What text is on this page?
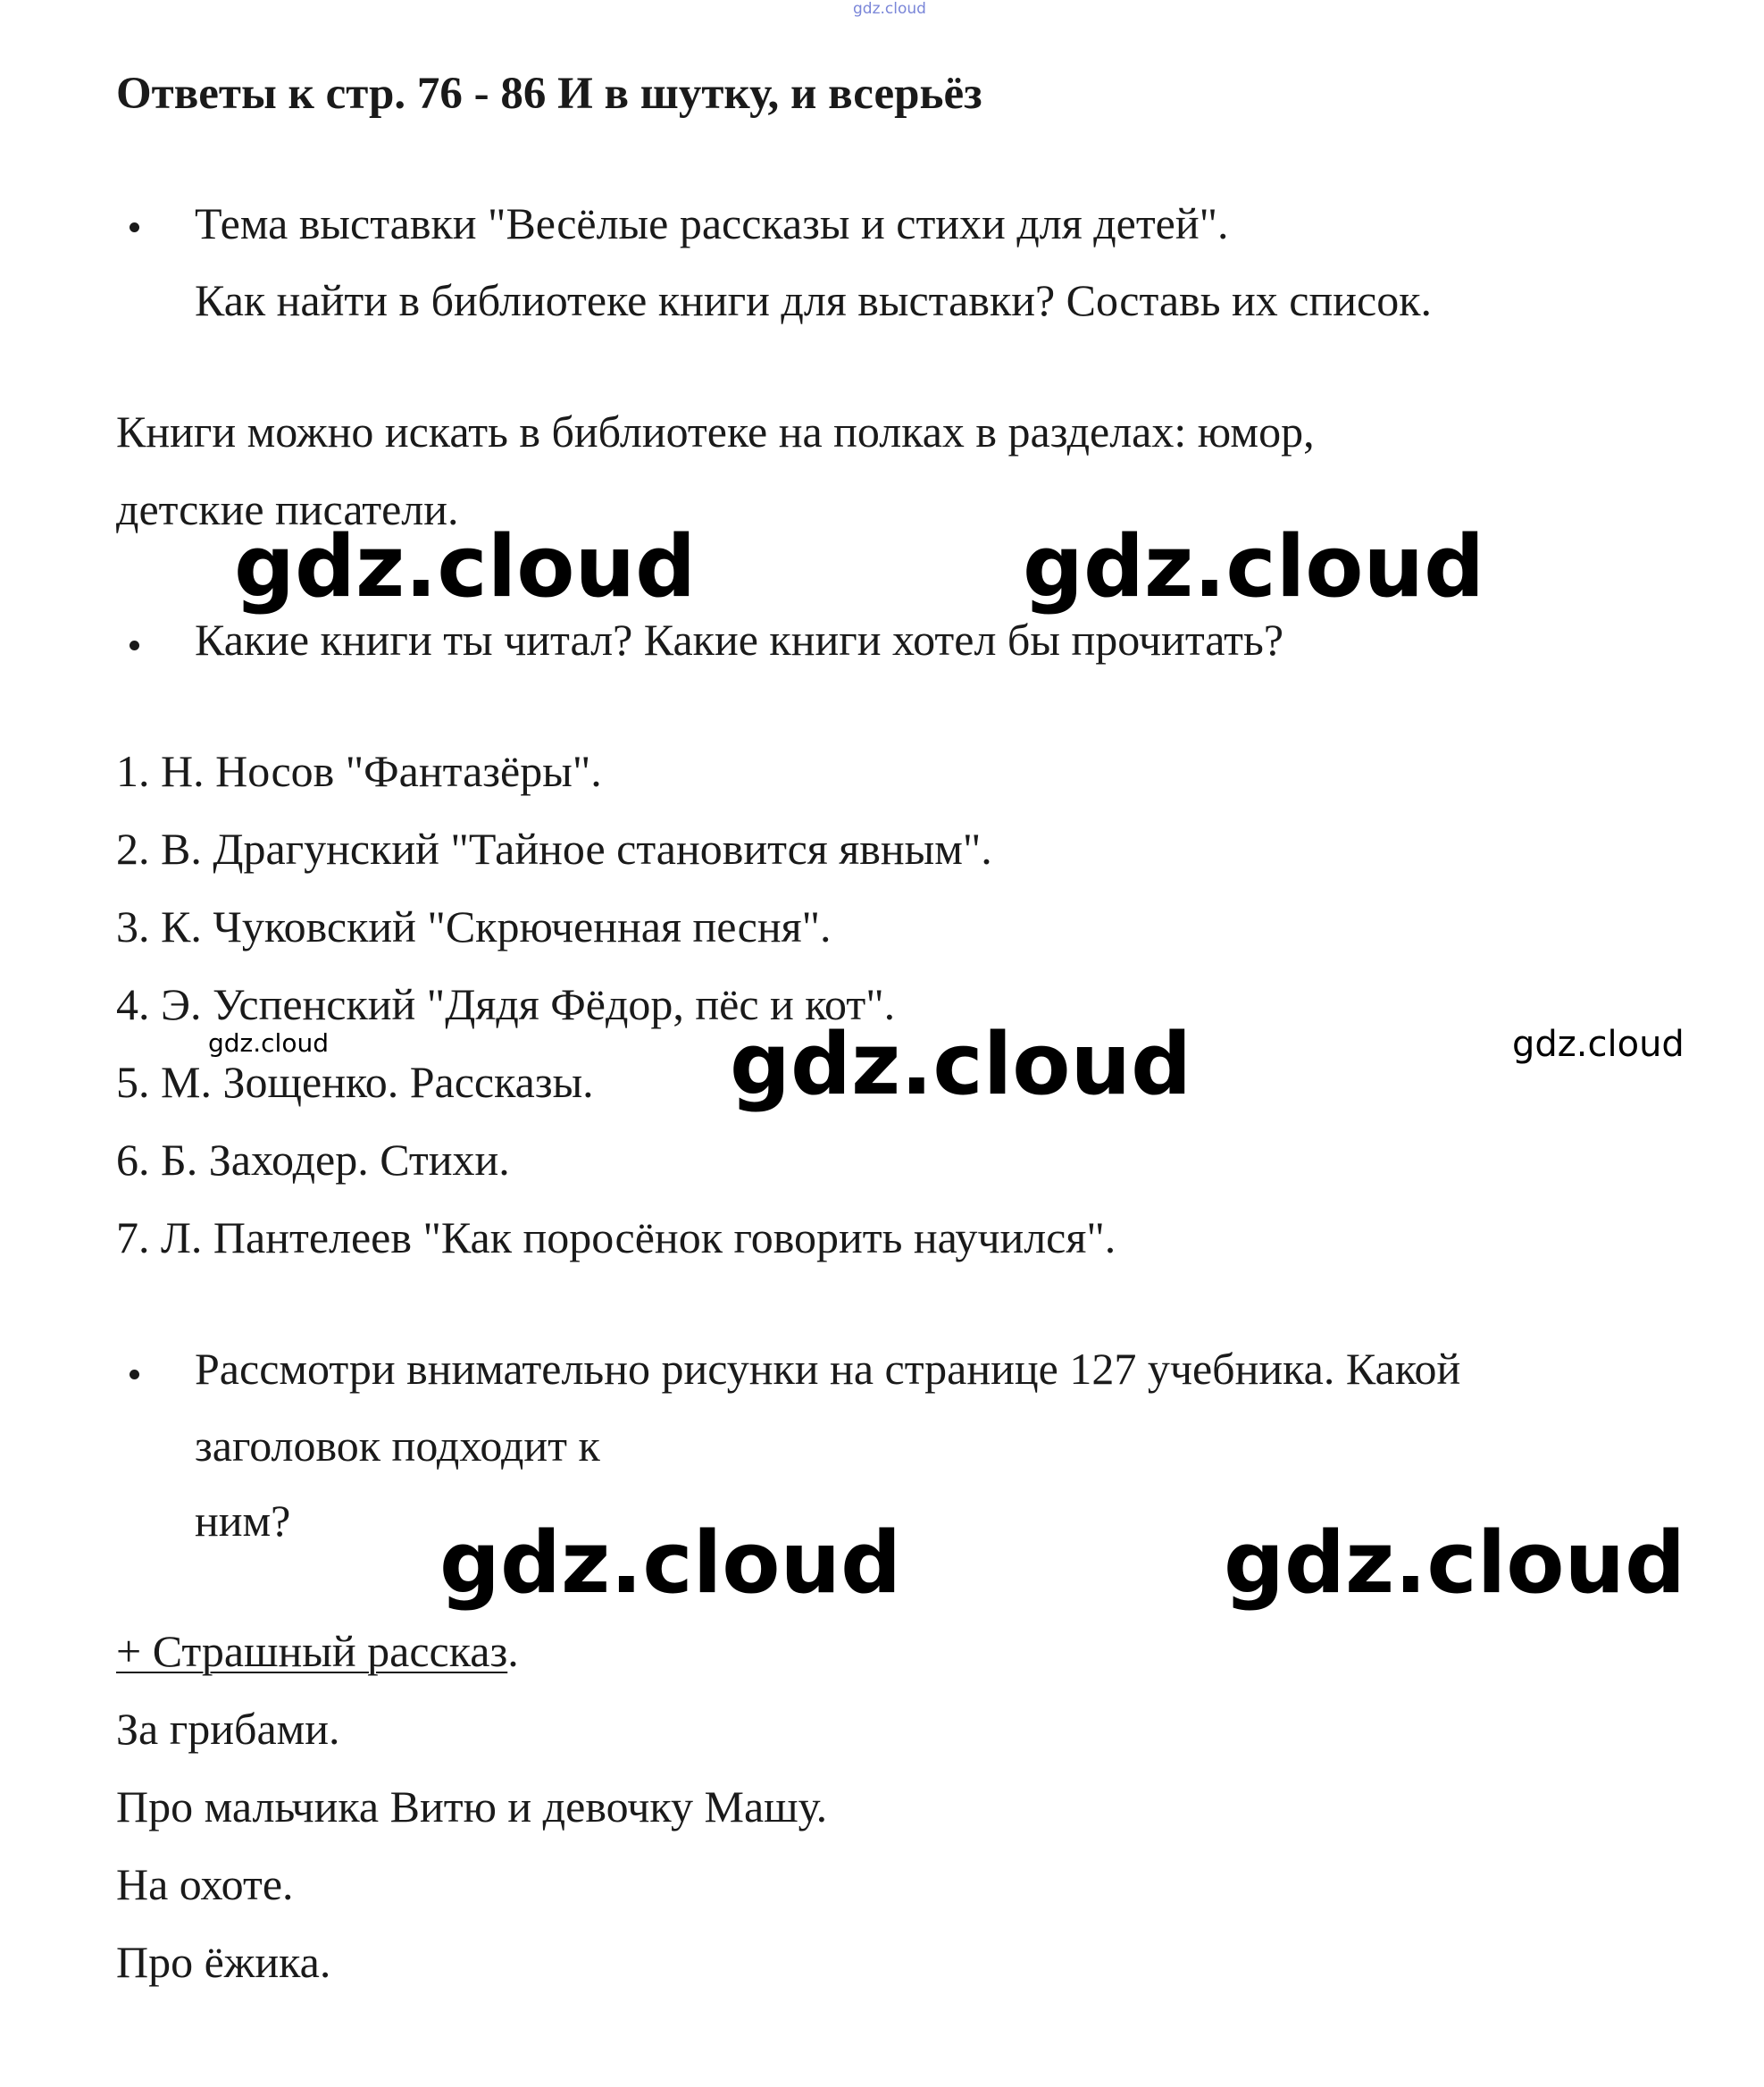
gdz.cloud
Ответы к стр. 76 - 86 И в шутку, и всерьёз
Тема выставки "Весёлые рассказы и стихи для детей".
Как найти в библиотеке книги для выставки? Составь их список.
Книги можно искать в библиотеке на полках в разделах: юмор,
детские писатели.
gdz.cloud	gdz.cloud
Какие книги ты читал? Какие книги хотел бы прочитать?
1. Н. Носов "Фантазёры".
2. В. Драгунский "Тайное становится явным".
3. К. Чуковский "Скрюченная песня".
4. Э. Успенский "Дядя Фёдор, пёс и кот".
5. М. Зощенко. Рассказы.
6. Б. Заходер. Стихи.
7. Л. Пантелеев "Как поросёнок говорить научился".
gdz.cloud	gdz.cloud	gdz.cloud
Рассмотри внимательно рисунки на странице 127 учебника. Какой
заголовок подходит к
ним? gdz.cloud	gdz.cloud
+ Страшный рассказ.
За грибами.
Про мальчика Витю и девочку Машу.
На охоте.
Про ёжика.
